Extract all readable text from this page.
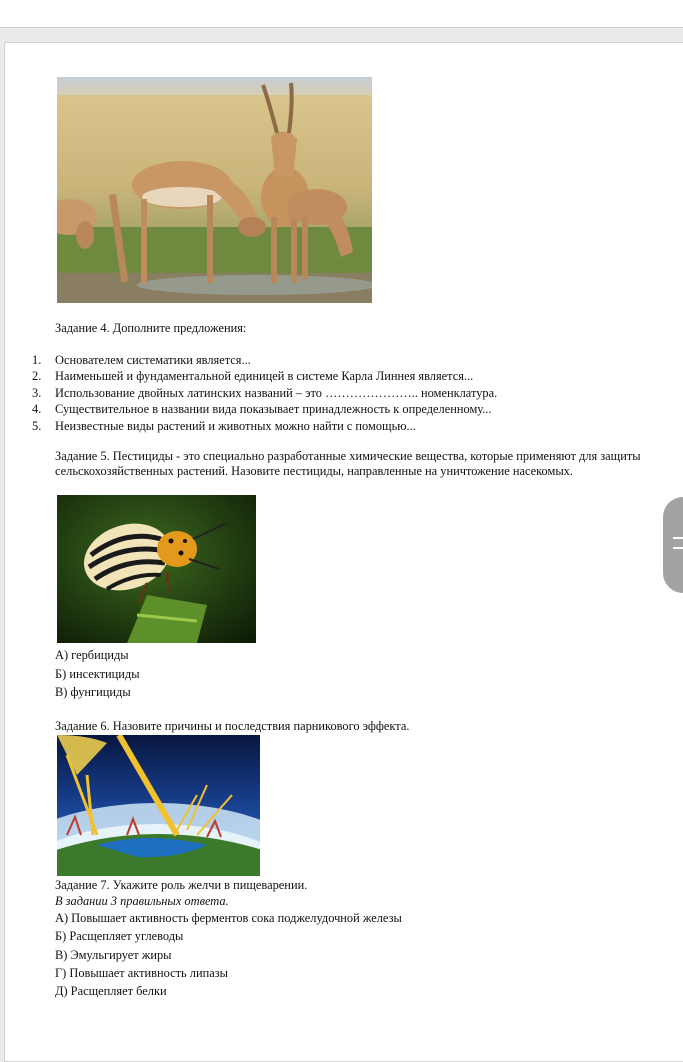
Задание 4. Дополните предложения:
1. Основателем систематики является...
2. Наименьшей и фундаментальной единицей в системе Карла Линнея является...
3. Использование двойных латинских названий – это ………………….. номенклатура.
4. Существительное в названии вида показывает принадлежность к определенному...
5. Неизвестные виды растений и животных можно найти с помощью...
Задание 5. Пестициды - это специально разработанные химические вещества, которые применяют для защиты сельскохозяйственных растений. Назовите пестициды, направленные на уничтожение насекомых.
А) гербициды
Б) инсектициды
В) фунгициды
Задание 6. Назовите причины и последствия парникового эффекта.
Задание 7. Укажите роль желчи в пищеварении.
В задании 3 правильных ответа.
А) Повышает активность ферментов сока поджелудочной железы
Б) Расщепляет углеводы
В) Эмульгирует жиры
Г) Повышает активность липазы
Д) Расщепляет белки
